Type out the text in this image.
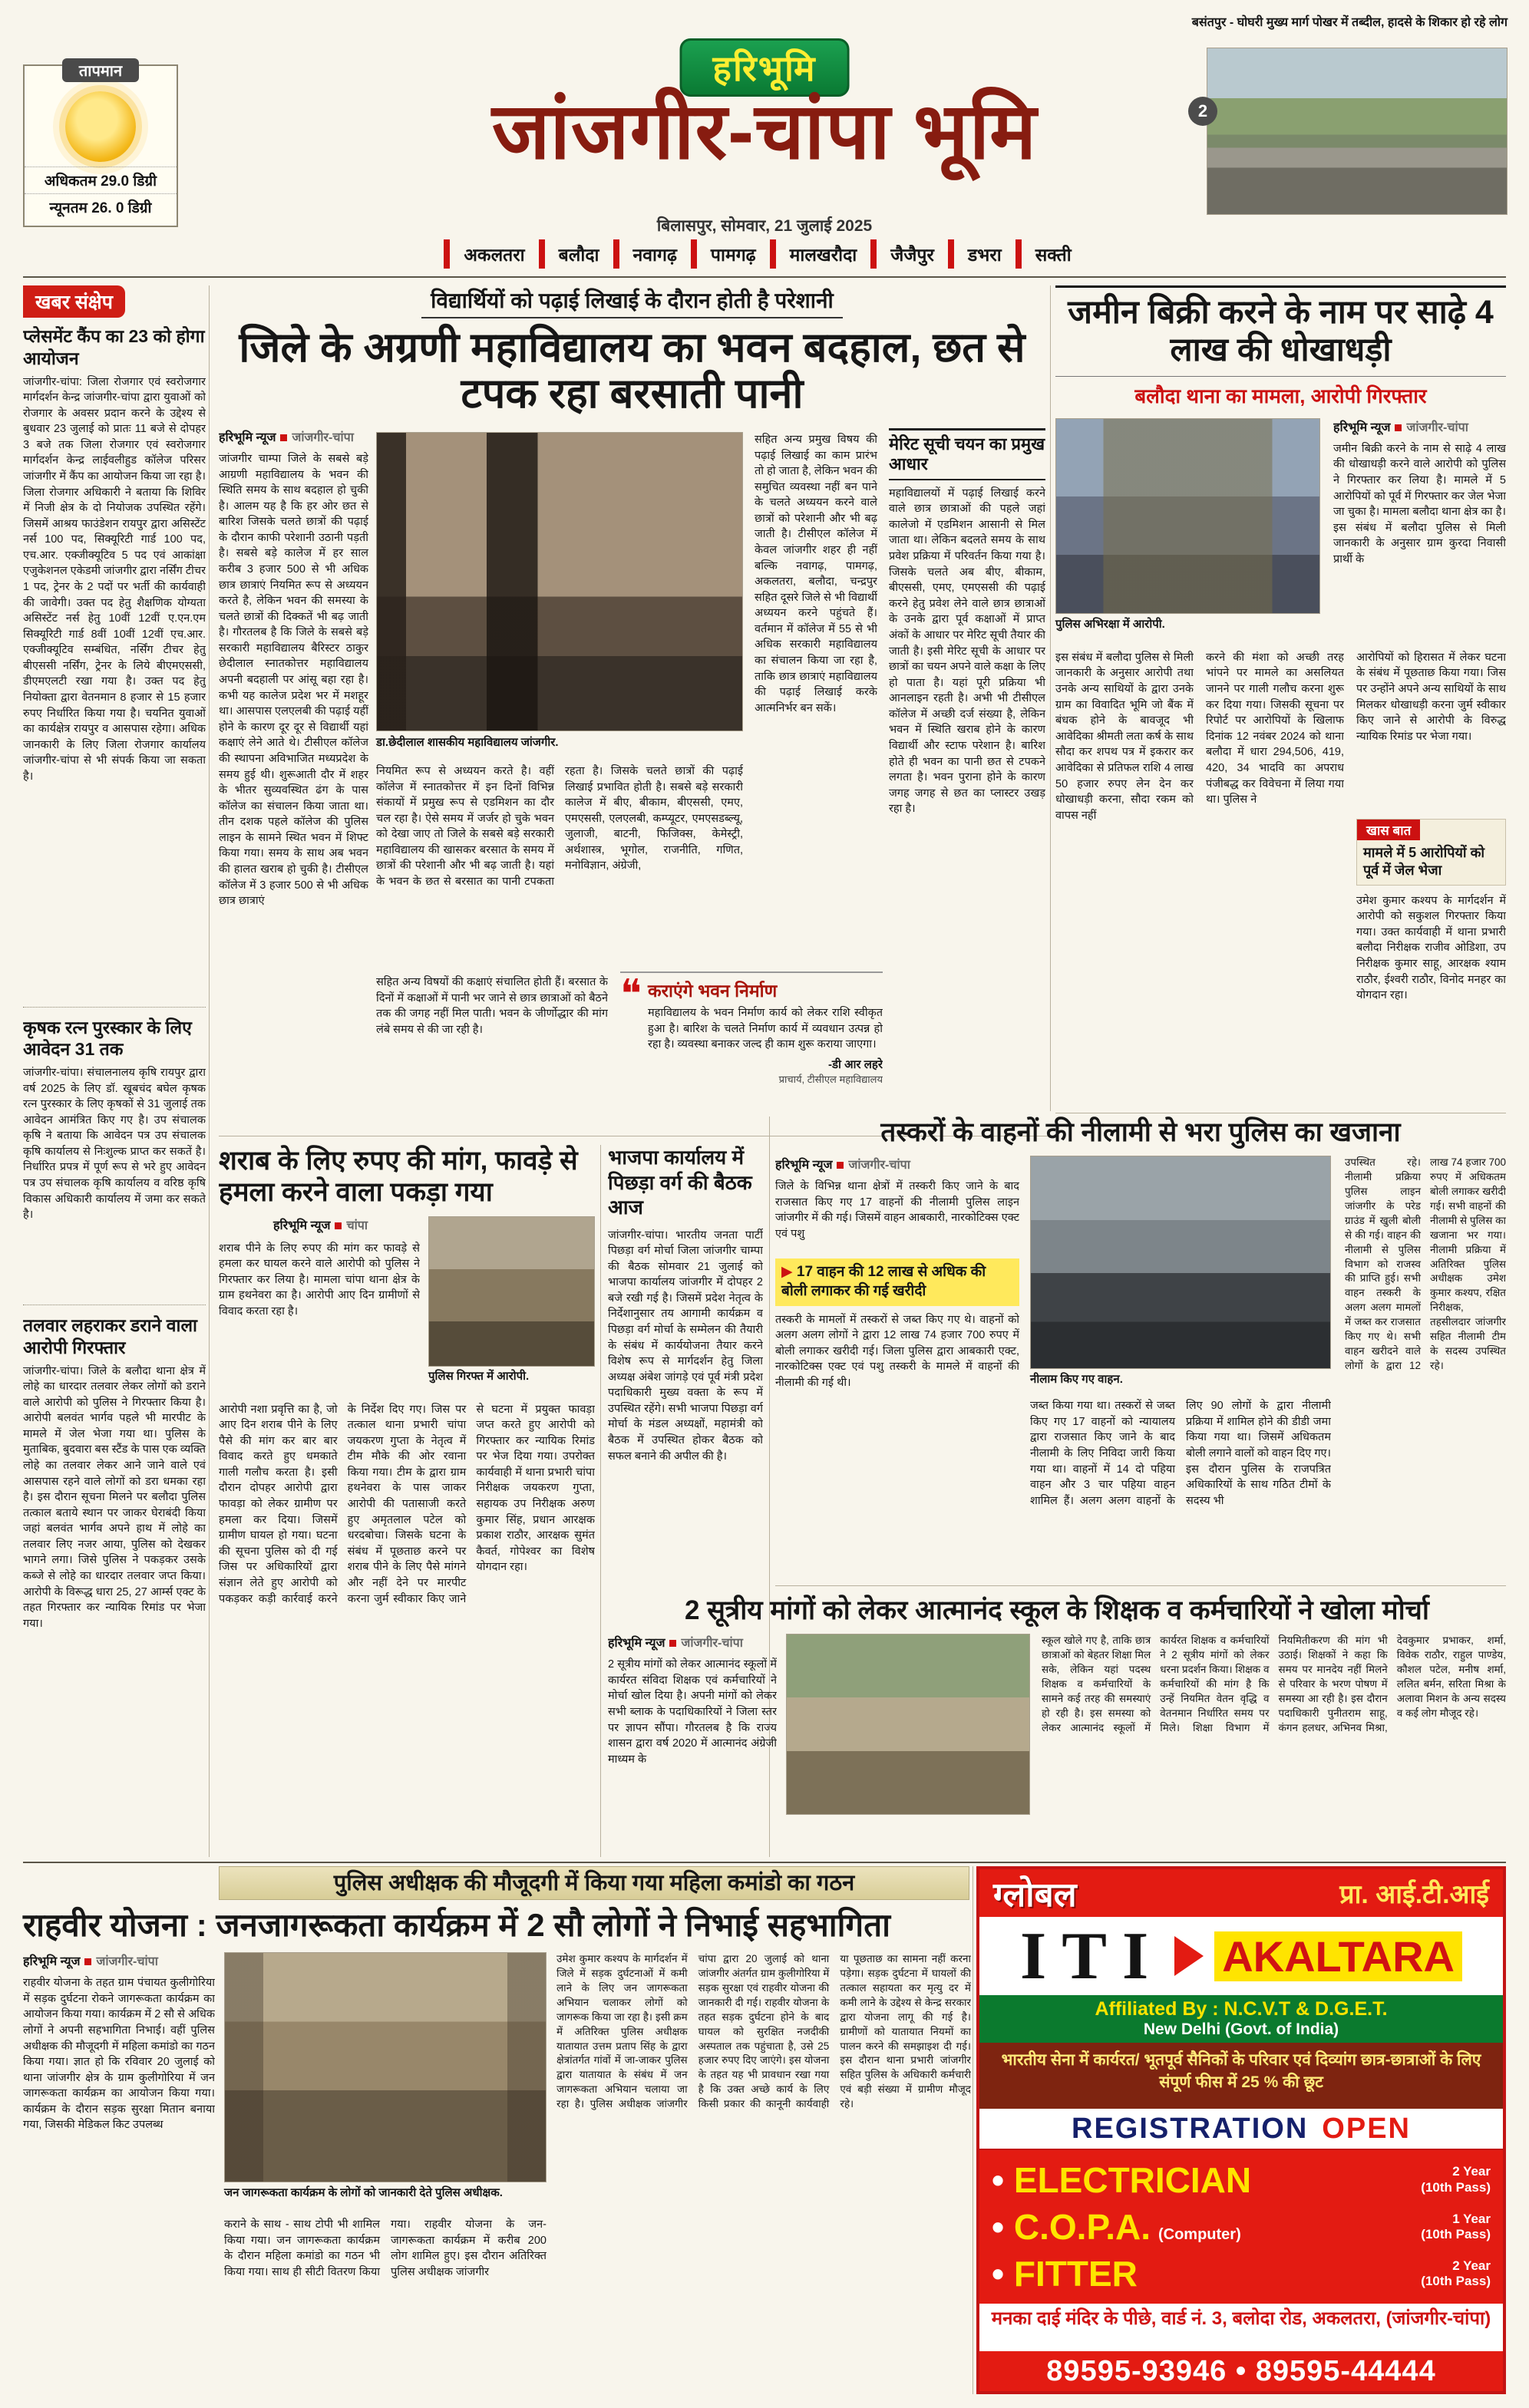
तापमान
अधिकतम 29.0 डिग्री
न्यूनतम 26. 0 डिग्री
हरिभूमि
जांजगीर-चांपा भूमि
बिलासपुर, सोमवार, 21 जुलाई 2025
अकलतरा	बलौदा	नवागढ़	पामगढ़	मालखरौदा	जैजैपुर	डभरा	सक्ती
बसंतपुर - घोघरी मुख्य मार्ग पोखर में तब्दील, हादसे के शिकार हो रहे लोग
2
खबर संक्षेप
प्लेसमेंट कैंप का 23 को होगा आयोजन
जांजगीर-चांपा: जिला रोजगार एवं स्वरोजगार मार्गदर्शन केन्द्र जांजगीर-चांपा द्वारा युवाओं को रोजगार के अवसर प्रदान करने के उद्देश्य से बुधवार 23 जुलाई को प्रातः 11 बजे से दोपहर 3 बजे तक जिला रोजगार एवं स्वरोजगार मार्गदर्शन केन्द्र लाईवलीहुड कॉलेज परिसर जांजगीर में कैंप का आयोजन किया जा रहा है। जिला रोजगार अधिकारी ने बताया कि शिविर में निजी क्षेत्र के दो नियोजक उपस्थित रहेंगे। जिसमें आश्रय फाउंडेशन रायपुर द्वारा असिस्टेंट नर्स 100 पद, सिक्यूरिटी गार्ड 100 पद, एच.आर. एक्जीक्यूटिव 5 पद एवं आकांक्षा एजुकेशनल एकेडमी जांजगीर द्वारा नर्सिंग टीचर 1 पद, ट्रेनर के 2 पदों पर भर्ती की कार्यवाही की जावेगी। उक्त पद हेतु शैक्षणिक योग्यता असिस्टेंट नर्स हेतु 10वीं 12वीं ए.एन.एम सिक्यूरिटी गार्ड 8वीं 10वीं 12वीं एच.आर. एक्जीक्यूटिव सम्बंधित, नर्सिंग टीचर हेतु बीएससी नर्सिंग, ट्रेनर के लिये बीएमएससी, डीएमएलटी रखा गया है। उक्त पद हेतु नियोक्ता द्वारा वेतनमान 8 हजार से 15 हजार रुपए निर्धारित किया गया है। चयनित युवाओं का कार्यक्षेत्र रायपुर व आसपास रहेगा। अधिक जानकारी के लिए जिला रोजगार कार्यालय जांजगीर-चांपा से भी संपर्क किया जा सकता है।
कृषक रत्न पुरस्कार के लिए आवेदन 31 तक
जांजगीर-चांपा। संचालनालय कृषि रायपुर द्वारा वर्ष 2025 के लिए डॉ. खूबचंद बघेल कृषक रत्न पुरस्कार के लिए कृषकों से 31 जुलाई तक आवेदन आमंत्रित किए गए है। उप संचालक कृषि ने बताया कि आवेदन पत्र उप संचालक कृषि कार्यालय से निःशुल्क प्राप्त कर सकतें है। निर्धारित प्रपत्र में पूर्ण रूप से भरे हुए आवेदन पत्र उप संचालक कृषि कार्यालय व वरिष्ठ कृषि विकास अधिकारी कार्यालय में जमा कर सकते है।
तलवार लहराकर डराने वाला आरोपी गिरफ्तार
जांजगीर-चांपा। जिले के बलौदा थाना क्षेत्र में लोहे का धारदार तलवार लेकर लोगों को डराने वाले आरोपी को पुलिस ने गिरफ्तार किया है। आरोपी बलवंत भार्गव पहले भी मारपीट के मामले में जेल भेजा गया था। पुलिस के मुताबिक, बुदवारा बस स्टैंड के पास एक व्यक्ति लोहे का तलवार लेकर आने जाने वाले एवं आसपास रहने वाले लोगों को डरा धमका रहा है। इस दौरान सूचना मिलने पर बलौदा पुलिस तत्काल बताये स्थान पर जाकर घेराबंदी किया जहां बलवंत भार्गव अपने हाथ में लोहे का तलवार लिए नजर आया, पुलिस को देखकर भागने लगा। जिसे पुलिस ने पकड़कर उसके कब्जे से लोहे का धारदार तलवार जप्त किया। आरोपी के विरूद्ध धारा 25, 27 आर्म्स एक्ट के तहत गिरफ्तार कर न्यायिक रिमांड पर भेजा गया।
विद्यार्थियों को पढ़ाई लिखाई के दौरान होती है परेशानी
जिले के अग्रणी महाविद्यालय का भवन बदहाल, छत से टपक रहा बरसाती पानी
हरिभूमि न्यूज जांजगीर-चांपा
जांजगीर चाम्पा जिले के सबसे बड़े आग्रणी महाविद्यालय के भवन की स्थिति समय के साथ बदहाल हो चुकी है। आलम यह है कि हर ओर छत से बारिश जिसके चलते छात्रों की पढ़ाई के दौरान काफी परेशानी उठानी पड़ती है। सबसे बड़े कालेज में हर साल करीब 3 हजार 500 से भी अधिक छात्र छात्राएं नियमित रूप से अध्ययन करते है, लेकिन भवन की समस्या के चलते छात्रों की दिक्कतें भी बढ़ जाती है। गौरतलब है कि जिले के सबसे बड़े सरकारी महाविद्यालय बैरिस्टर ठाकुर छेदीलाल स्नातकोत्तर महाविद्यालय अपनी बदहाली पर आंसू बहा रहा है। कभी यह कालेज प्रदेश भर में मशहूर था। आसपास एलएलबी की पढ़ाई यहीं होने के कारण दूर दूर से विद्यार्थी यहां कक्षाएं लेने आते थे। टीसीएल कॉलेज की स्थापना अविभाजित मध्यप्रदेश के समय हुई थी। शुरूआती दौर में शहर के भीतर सुव्यवस्थित ढंग के पास कॉलेज का संचालन किया जाता था। तीन दशक पहले कॉलेज की पुलिस लाइन के सामने स्थित भवन में शिफ्ट किया गया। समय के साथ अब भवन की हालत खराब हो चुकी है। टीसीएल कॉलेज में 3 हजार 500 से भी अधिक छात्र छात्राएं
डा.छेदीलाल शासकीय महाविद्यालय जांजगीर.
नियमित रूप से अध्ययन करते है। वहीं कॉलेज में स्नातकोत्तर में इन दिनों विभिन्न संकायों में प्रमुख रूप से एडमिशन का दौर चल रहा है। ऐसे समय में जर्जर हो चुके भवन को देखा जाए तो जिले के सबसे बड़े सरकारी महाविद्यालय की खासकर बरसात के समय में छात्रों की परेशानी और भी बढ़ जाती है। यहां के भवन के छत से बरसात का पानी टपकता रहता है। जिसके चलते छात्रों की पढ़ाई लिखाई प्रभावित होती है। सबसे बड़े सरकारी कालेज में बीए, बीकाम, बीएससी, एमए, एमएससी, एलएलबी, कम्प्यूटर, एमएसडब्ल्यू, जुलाजी, बाटनी, फिजिक्स, केमेस्ट्री, अर्थशास्त्र, भूगोल, राजनीति, गणित, मनोविज्ञान, अंग्रेजी,
सहित अन्य विषयों की कक्षाएं संचालित होती हैं। बरसात के दिनों में कक्षाओं में पानी भर जाने से छात्र छात्राओं को बैठने तक की जगह नहीं मिल पाती। भवन के जीर्णोद्धार की मांग लंबे समय से की जा रही है।
❝ कराएंगे भवन निर्माण
महाविद्यालय के भवन निर्माण कार्य को लेकर राशि स्वीकृत हुआ है। बारिश के चलते निर्माण कार्य में व्यवधान उत्पन्न हो रहा है। व्यवस्था बनाकर जल्द ही काम शुरू कराया जाएगा।
-डी आर लहरे
प्राचार्य, टीसीएल महाविद्यालय
सहित अन्य प्रमुख विषय की पढ़ाई लिखाई का काम प्रारंभ तो हो जाता है, लेकिन भवन की समुचित व्यवस्था नहीं बन पाने के चलते अध्ययन करने वाले छात्रों को परेशानी और भी बढ़ जाती है। टीसीएल कॉलेज में केवल जांजगीर शहर ही नहीं बल्कि नवागढ़, पामगढ़, अकलतरा, बलौदा, चन्द्रपुर सहित दूसरे जिले से भी विद्यार्थी अध्ययन करने पहुंचते हैं। वर्तमान में कॉलेज में 55 से भी अधिक सरकारी महाविद्यालय का संचालन किया जा रहा है, ताकि छात्र छात्राएं महाविद्यालय की पढ़ाई लिखाई करके आत्मनिर्भर बन सकें।
मेरिट सूची चयन का प्रमुख आधार
महाविद्यालयों में पढ़ाई लिखाई करने वाले छात्र छात्राओं की पहले जहां कालेजो में एडमिशन आसानी से मिल जाता था। लेकिन बदलते समय के साथ प्रवेश प्रक्रिया में परिवर्तन किया गया है। जिसके चलते अब बीए, बीकाम, बीएससी, एमए, एमएससी की पढ़ाई करने हेतु प्रवेश लेने वाले छात्र छात्राओं के उनके द्वारा पूर्व कक्षाओं में प्राप्त अंकों के आधार पर मेरिट सूची तैयार की जाती है। इसी मेरिट सूची के आधार पर छात्रों का चयन अपने वाले कक्षा के लिए हो पाता है। यहां पूरी प्रक्रिया भी आनलाइन रहती है। अभी भी टीसीएल कॉलेज में अच्छी दर्ज संख्या है, लेकिन भवन में स्थिति खराब होने के कारण विद्यार्थी और स्टाफ परेशान है। बारिश होते ही भवन का पानी छत से टपकने लगता है। भवन पुराना होने के कारण जगह जगह से छत का प्लास्टर उखड़ रहा है।
जमीन बिक्री करने के नाम पर साढ़े 4 लाख की धोखाधड़ी
बलौदा थाना का मामला, आरोपी गिरफ्तार
पुलिस अभिरक्षा में आरोपी.
हरिभूमि न्यूज जांजगीर-चांपा
जमीन बिक्री करने के नाम से साढ़े 4 लाख की धोखाधड़ी करने वाले आरोपी को पुलिस ने गिरफ्तार कर लिया है। मामले में 5 आरोपियों को पूर्व में गिरफ्तार कर जेल भेजा जा चुका है। मामला बलौदा थाना क्षेत्र का है। इस संबंध में बलौदा पुलिस से मिली जानकारी के अनुसार ग्राम कुरदा निवासी प्रार्थी के
इस संबंध में बलौदा पुलिस से मिली जानकारी के अनुसार आरोपी तथा उनके अन्य साथियों के द्वारा उनके ग्राम का विवादित भूमि जो बैंक में बंधक होने के बावजूद भी आवेदिका श्रीमती लता कर्ष के साथ सौदा कर शपथ पत्र में इकरार कर आवेदिका से प्रतिफल राशि 4 लाख 50 हजार रुपए लेन देन कर धोखाधड़ी करना, सौदा रकम को वापस नहीं
करने की मंशा को अच्छी तरह भांपने पर मामले का असलियत जानने पर गाली गलौच करना शुरू कर दिया गया। जिसकी सूचना पर रिपोर्ट पर आरोपियों के खिलाफ दिनांक 12 नवंबर 2024 को थाना बलौदा में धारा 294,506, 419, 420, 34 भादवि का अपराध पंजीबद्ध कर विवेचना में लिया गया था। पुलिस ने
आरोपियों को हिरासत में लेकर घटना के संबंध में पूछताछ किया गया। जिस पर उन्होंने अपने अन्य साथियों के साथ मिलकर धोखाधड़ी करना जुर्म स्वीकार किए जाने से आरोपी के विरुद्ध न्यायिक रिमांड पर भेजा गया।
खास बात
मामले में 5 आरोपियों को पूर्व में जेल भेजा
उमेश कुमार कश्यप के मार्गदर्शन में आरोपी को सकुशल गिरफ्तार किया गया। उक्त कार्यवाही में थाना प्रभारी बलौदा निरीक्षक राजीव ओडिशा, उप निरीक्षक कुमार साहू, आरक्षक श्याम राठौर, ईश्वरी राठौर, विनोद मनहर का योगदान रहा।
शराब के लिए रुपए की मांग, फावड़े से हमला करने वाला पकड़ा गया
हरिभूमि न्यूज चांपा
पुलिस गिरफ्त में आरोपी.
शराब पीने के लिए रुपए की मांग कर फावड़े से हमला कर घायल करने वाले आरोपी को पुलिस ने गिरफ्तार कर लिया है। मामला चांपा थाना क्षेत्र के ग्राम हथनेवरा का है। आरोपी आए दिन ग्रामीणों से विवाद करता रहा है।
आरोपी नशा प्रवृत्ति का है, जो आए दिन शराब पीने के लिए पैसे की मांग कर बार बार विवाद करते हुए धमकाते गाली गलौच करता है। इसी दौरान दोपहर आरोपी द्वारा फावड़ा को लेकर ग्रामीण पर हमला कर दिया। जिसमें ग्रामीण घायल हो गया। घटना की सूचना पुलिस को दी गई जिस पर अधिकारियों द्वारा संज्ञान लेते हुए आरोपी को पकड़कर कड़ी कार्रवाई करने के निर्देश दिए गए। जिस पर तत्काल थाना प्रभारी चांपा जयकरण गुप्ता के नेतृत्व में टीम मौके की ओर रवाना किया गया। टीम के द्वारा ग्राम हथनेवरा के पास जाकर आरोपी की पतासाजी करते हुए अमृतलाल पटेल को धरदबोचा। जिसके घटना के संबंध में पूछताछ करने पर शराब पीने के लिए पैसे मांगने और नहीं देने पर मारपीट करना जुर्म स्वीकार किए जाने से घटना में प्रयुक्त फावड़ा जप्त करते हुए आरोपी को गिरफ्तार कर न्यायिक रिमांड पर भेज दिया गया। उपरोक्त कार्यवाही में थाना प्रभारी चांपा निरीक्षक जयकरण गुप्ता, सहायक उप निरीक्षक अरुण कुमार सिंह, प्रधान आरक्षक प्रकाश राठौर, आरक्षक सुमंत कैवर्त, गोपेश्वर का विशेष योगदान रहा।
भाजपा कार्यालय में पिछड़ा वर्ग की बैठक आज
जांजगीर-चांपा। भारतीय जनता पार्टी पिछड़ा वर्ग मोर्चा जिला जांजगीर चाम्पा की बैठक सोमवार 21 जुलाई को भाजपा कार्यालय जांजगीर में दोपहर 2 बजे रखी गई है। जिसमें प्रदेश नेतृत्व के निर्देशानुसार तय आगामी कार्यक्रम व पिछड़ा वर्ग मोर्चा के सम्मेलन की तैयारी के संबंध में कार्ययोजना तैयार करने विशेष रूप से मार्गदर्शन हेतु जिला अध्यक्ष अंबेश जांगड़े एवं पूर्व मंत्री प्रदेश पदाधिकारी मुख्य वक्ता के रूप में उपस्थित रहेंगे। सभी भाजपा पिछड़ा वर्ग मोर्चा के मंडल अध्यक्षों, महामंत्री को बैठक में उपस्थित होकर बैठक को सफल बनाने की अपील की है।
तस्करों के वाहनों की नीलामी से भरा पुलिस का खजाना
हरिभूमि न्यूज जांजगीर-चांपा
जिले के विभिन्न थाना क्षेत्रों में तस्करी किए जाने के बाद राजसात किए गए 17 वाहनों की नीलामी पुलिस लाइन जांजगीर में की गई। जिसमें वाहन आबकारी, नारकोटिक्स एक्ट एवं पशु
▶ 17 वाहन की 12 लाख से अधिक की बोली लगाकर की गई खरीदी
तस्करी के मामलों में तस्करों से जब्त किए गए थे। वाहनों को अलग अलग लोगों ने द्वारा 12 लाख 74 हजार 700 रुपए में बोली लगाकर खरीदी गई। जिला पुलिस द्वारा आबकारी एक्ट, नारकोटिक्स एक्ट एवं पशु तस्करी के मामले में वाहनों की नीलामी की गई थी।	नीलाम किए गए वाहन.
जब्त किया गया था। तस्करों से जब्त किए गए 17 वाहनों को न्यायालय द्वारा राजसात किए जाने के बाद नीलामी के लिए निविदा जारी किया गया था। वाहनों में 14 दो पहिया वाहन और 3 चार पहिया वाहन शामिल हैं। अलग अलग वाहनों के लिए 90 लोगों के द्वारा नीलामी प्रक्रिया में शामिल होने की डीडी जमा किया गया था। जिसमें अधिकतम बोली लगाने वालों को वाहन दिए गए। इस दौरान पुलिस के राजपत्रित अधिकारियों के साथ गठित टीमों के सदस्य भी
उपस्थित रहे। नीलामी प्रक्रिया पुलिस लाइन जांजगीर के परेड ग्राउंड में खुली बोली से की गई। वाहन की नीलामी से पुलिस विभाग को राजस्व की प्राप्ति हुई। सभी वाहन तस्करी के अलग अलग मामलों में जब्त कर राजसात किए गए थे। सभी वाहन खरीदने वाले लोगों के द्वारा 12 लाख 74 हजार 700 रुपए में अधिकतम बोली लगाकर खरीदी गई। सभी वाहनों की नीलामी से पुलिस का खजाना भर गया। नीलामी प्रक्रिया में अतिरिक्त पुलिस अधीक्षक उमेश कुमार कश्यप, रक्षित निरीक्षक, तहसीलदार जांजगीर सहित नीलामी टीम के सदस्य उपस्थित रहे।
2 सूत्रीय मांगों को लेकर आत्मानंद स्कूल के शिक्षक व कर्मचारियों ने खोला मोर्चा
हरिभूमि न्यूज जांजगीर-चांपा
2 सूत्रीय मांगों को लेकर आत्मानंद स्कूलों में कार्यरत संविदा शिक्षक एवं कर्मचारियों ने मोर्चा खोल दिया है। अपनी मांगों को लेकर सभी ब्लाक के पदाधिकारियों ने जिला स्तर पर ज्ञापन सौंपा। गौरतलब है कि राज्य शासन द्वारा वर्ष 2020 में आत्मानंद अंग्रेजी माध्यम के
स्कूल खोले गए है, ताकि छात्र छात्राओं को बेहतर शिक्षा मिल सके, लेकिन यहां पदस्थ शिक्षक व कर्मचारियों के सामने कई तरह की समस्याएं हो रही है। इस समस्या को लेकर आत्मानंद स्कूलों में कार्यरत शिक्षक व कर्मचारियों ने 2 सूत्रीय मांगों को लेकर धरना प्रदर्शन किया। शिक्षक व कर्मचारियों की मांग है कि उन्हें नियमित वेतन वृद्धि व वेतनमान निर्धारित समय पर मिले। शिक्षा विभाग में नियमितीकरण की मांग भी उठाई। शिक्षकों ने कहा कि समय पर मानदेय नहीं मिलने से परिवार के भरण पोषण में समस्या आ रही है। इस दौरान पदाधिकारी पुनीतराम साहू, कंगन हलधर, अभिनव मिश्रा, देवकुमार प्रभाकर, शर्मा, विवेक राठौर, राहुल पाण्डेय, कौशल पटेल, मनीष शर्मा, ललित बर्मन, सरिता मिश्रा के अलावा मिशन के अन्य सदस्य व कई लोग मौजूद रहे।
पुलिस अधीक्षक की मौजूदगी में किया गया महिला कमांडो का गठन
राहवीर योजना : जनजागरूकता कार्यक्रम में 2 सौ लोगों ने निभाई सहभागिता
हरिभूमि न्यूज जांजगीर-चांपा
राहवीर योजना के तहत ग्राम पंचायत कुलीगोरिया में सड़क दुर्घटना रोकने जागरूकता कार्यक्रम का आयोजन किया गया। कार्यक्रम में 2 सौ से अधिक लोगों ने अपनी सहभागिता निभाई। वहीं पुलिस अधीक्षक की मौजूदगी में महिला कमांडो का गठन किया गया। ज्ञात हो कि रविवार 20 जुलाई को थाना जांजगीर क्षेत्र के ग्राम कुलीगोरिया में जन जागरूकता कार्यक्रम का आयोजन किया गया। कार्यक्रम के दौरान सड़क सुरक्षा मितान बनाया गया, जिसकी मेडिकल किट उपलब्ध
जन जागरूकता कार्यक्रम के लोगों को जानकारी देते पुलिस अधीक्षक.
कराने के साथ - साथ टोपी भी शामिल किया गया। जन जागरूकता कार्यक्रम के दौरान महिला कमांडो का गठन भी किया गया। साथ ही सीटी वितरण किया गया। राहवीर योजना के जन- जागरूकता कार्यक्रम में करीब 200 लोग शामिल हुए। इस दौरान अतिरिक्त पुलिस अधीक्षक जांजगीर
उमेश कुमार कश्यप के मार्गदर्शन में जिले में सड़क दुर्घटनाओं में कमी लाने के लिए जन जागरूकता अभियान चलाकर लोगों को जागरूक किया जा रहा है। इसी क्रम में अतिरिक्त पुलिस अधीक्षक यातायात उत्तम प्रताप सिंह के द्वारा क्षेत्रांतर्गत गांवों में जा-जाकर पुलिस द्वारा यातायात के संबंध में जन जागरूकता अभियान चलाया जा रहा है। पुलिस अधीक्षक जांजगीर चांपा द्वारा 20 जुलाई को थाना जांजगीर अंतर्गत ग्राम कुलीगोरिया में सड़क सुरक्षा एवं राहवीर योजना की जानकारी दी गई। राहवीर योजना के तहत सड़क दुर्घटना होने के बाद घायल को सुरक्षित नजदीकी अस्पताल तक पहुंचाता है, उसे 25 हजार रुपए दिए जाएंगे। इस योजना के तहत यह भी प्रावधान रखा गया है कि उक्त अच्छे कार्य के लिए किसी प्रकार की कानूनी कार्यवाही या पूछताछ का सामना नहीं करना पड़ेगा। सड़क दुर्घटना में घायलों की तत्काल सहायता कर मृत्यु दर में कमी लाने के उद्देश्य से केन्द्र सरकार द्वारा योजना लागू की गई है। ग्रामीणों को यातायात नियमों का पालन करने की समझाइश दी गई। इस दौरान थाना प्रभारी जांजगीर सहित पुलिस के अधिकारी कर्मचारी एवं बड़ी संख्या में ग्रामीण मौजूद रहे।
ग्लोबल	प्रा. आई.टी.आई
ITI AKALTARA
Affiliated By : N.C.V.T & D.G.E.T.
New Delhi (Govt. of India)
भारतीय सेना में कार्यरत/ भूतपूर्व सैनिकों के परिवार एवं दिव्यांग छात्र-छात्राओं के लिए संपूर्ण फीस में 25 % की छूट
REGISTRATION OPEN
• ELECTRICIAN	2 Year
(10th Pass)
• C.O.P.A. (Computer)
1 Year
(10th Pass)
• FITTER	2 Year
(10th Pass)
मनका दाई मंदिर के पीछे, वार्ड नं. 3, बलोदा रोड, अकलतरा, (जांजगीर-चांपा)
89595-93946 • 89595-44444
